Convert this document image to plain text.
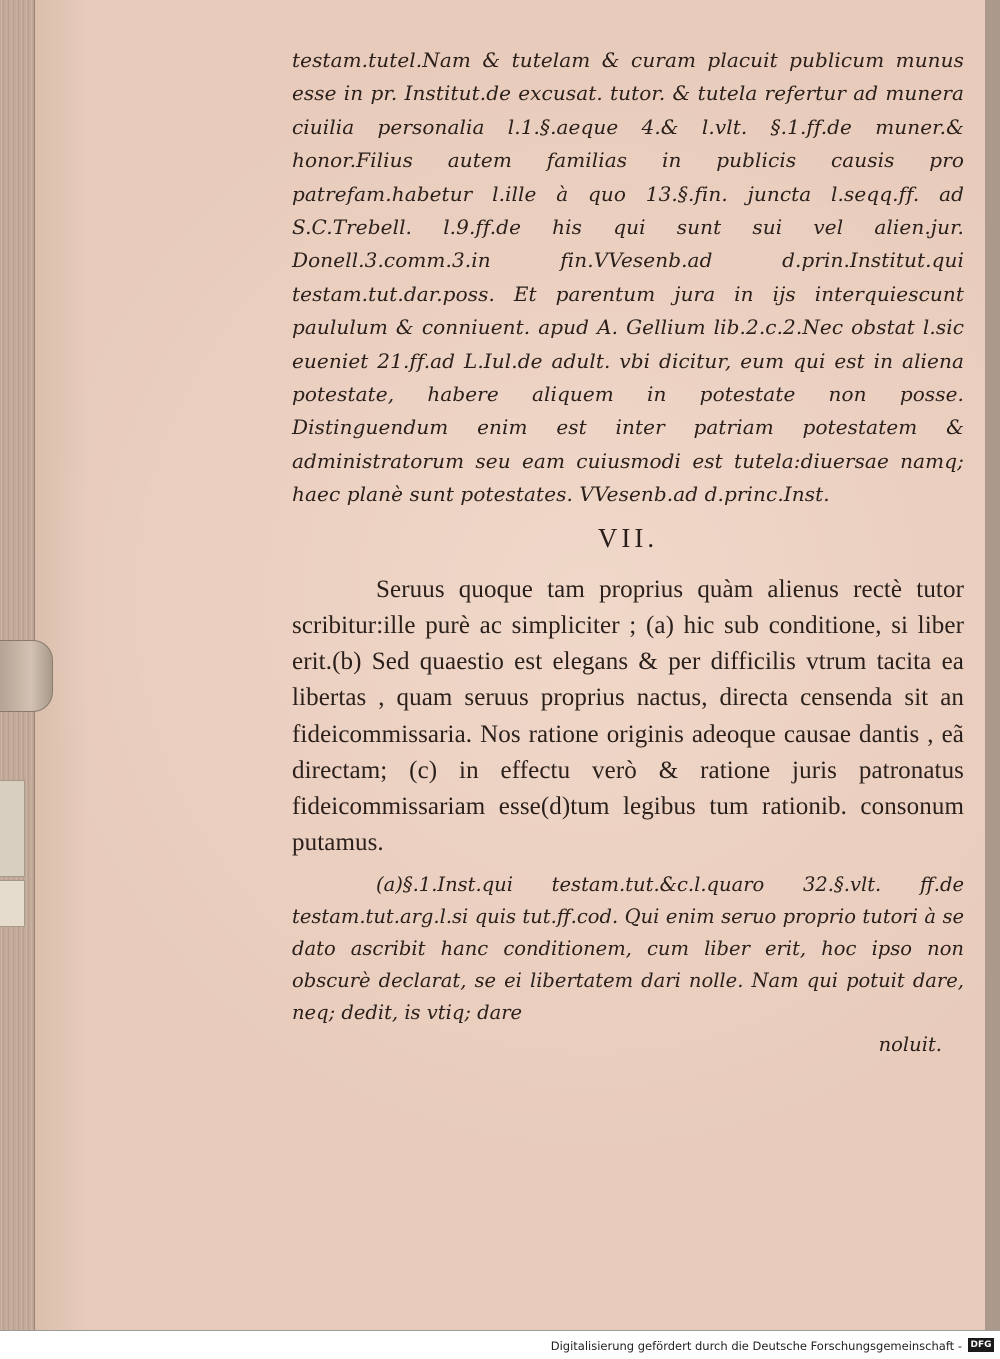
testam.tutel.Nam & tutelam & curam placuit publicum munus esse in pr. Institut.de excusat. tutor. & tutela refertur ad munera ciuilia personalia l.1.§.aeque 4.& l.vlt. §.1.ff.de muner.& honor.Filius autem familias in publicis causis pro patrefam.habetur l.ille à quo 13.§.fin. juncta l.seqq.ff. ad S.C.Trebell. l.9.ff.de his qui sunt sui vel alien.jur. Donell.3.comm.3.in fin.VVesenb.ad d.prin.Institut.qui testam.tut.dar.poss. Et parentum jura in ijs interquiescunt paululum & conniuent. apud A. Gellium lib.2.c.2.Nec obstat l.sic eueniet 21.ff.ad L.Iul.de adult. vbi dicitur, eum qui est in aliena potestate, habere aliquem in potestate non posse. Distinguendum enim est inter patriam potestatem & administratorum seu eam cuiusmodi est tutela:diuersae namq; haec planè sunt potestates. VVesenb.ad d.princ.Inst.

VII.

Seruus quoque tam proprius quàm alienus rectè tutor scribitur:ille purè ac simpliciter ; (a) hic sub conditione, si liber erit.(b) Sed quaestio est elegans & per difficilis vtrum tacita ea libertas , quam seruus proprius nactus, directa censenda sit an fideicommissaria. Nos ratione originis adeoque causae dantis , eã directam; (c) in effectu verò & ratione juris patronatus fideicommissariam esse(d)tum legibus tum rationib. consonum putamus.

(a)§.1.Inst.qui testam.tut.&c.l.quaro 32.§.vlt. ff.de testam.tut.arg.l.si quis tut.ff.cod. Qui enim seruo proprio tutori à se dato ascribit hanc conditionem, cum liber erit, hoc ipso non obscurè declarat, se ei libertatem dari nolle. Nam qui potuit dare, neq; dedit, is vtiq; dare

noluit.

Digitalisierung gefördert durch die Deutsche Forschungsgemeinschaft - DFG
